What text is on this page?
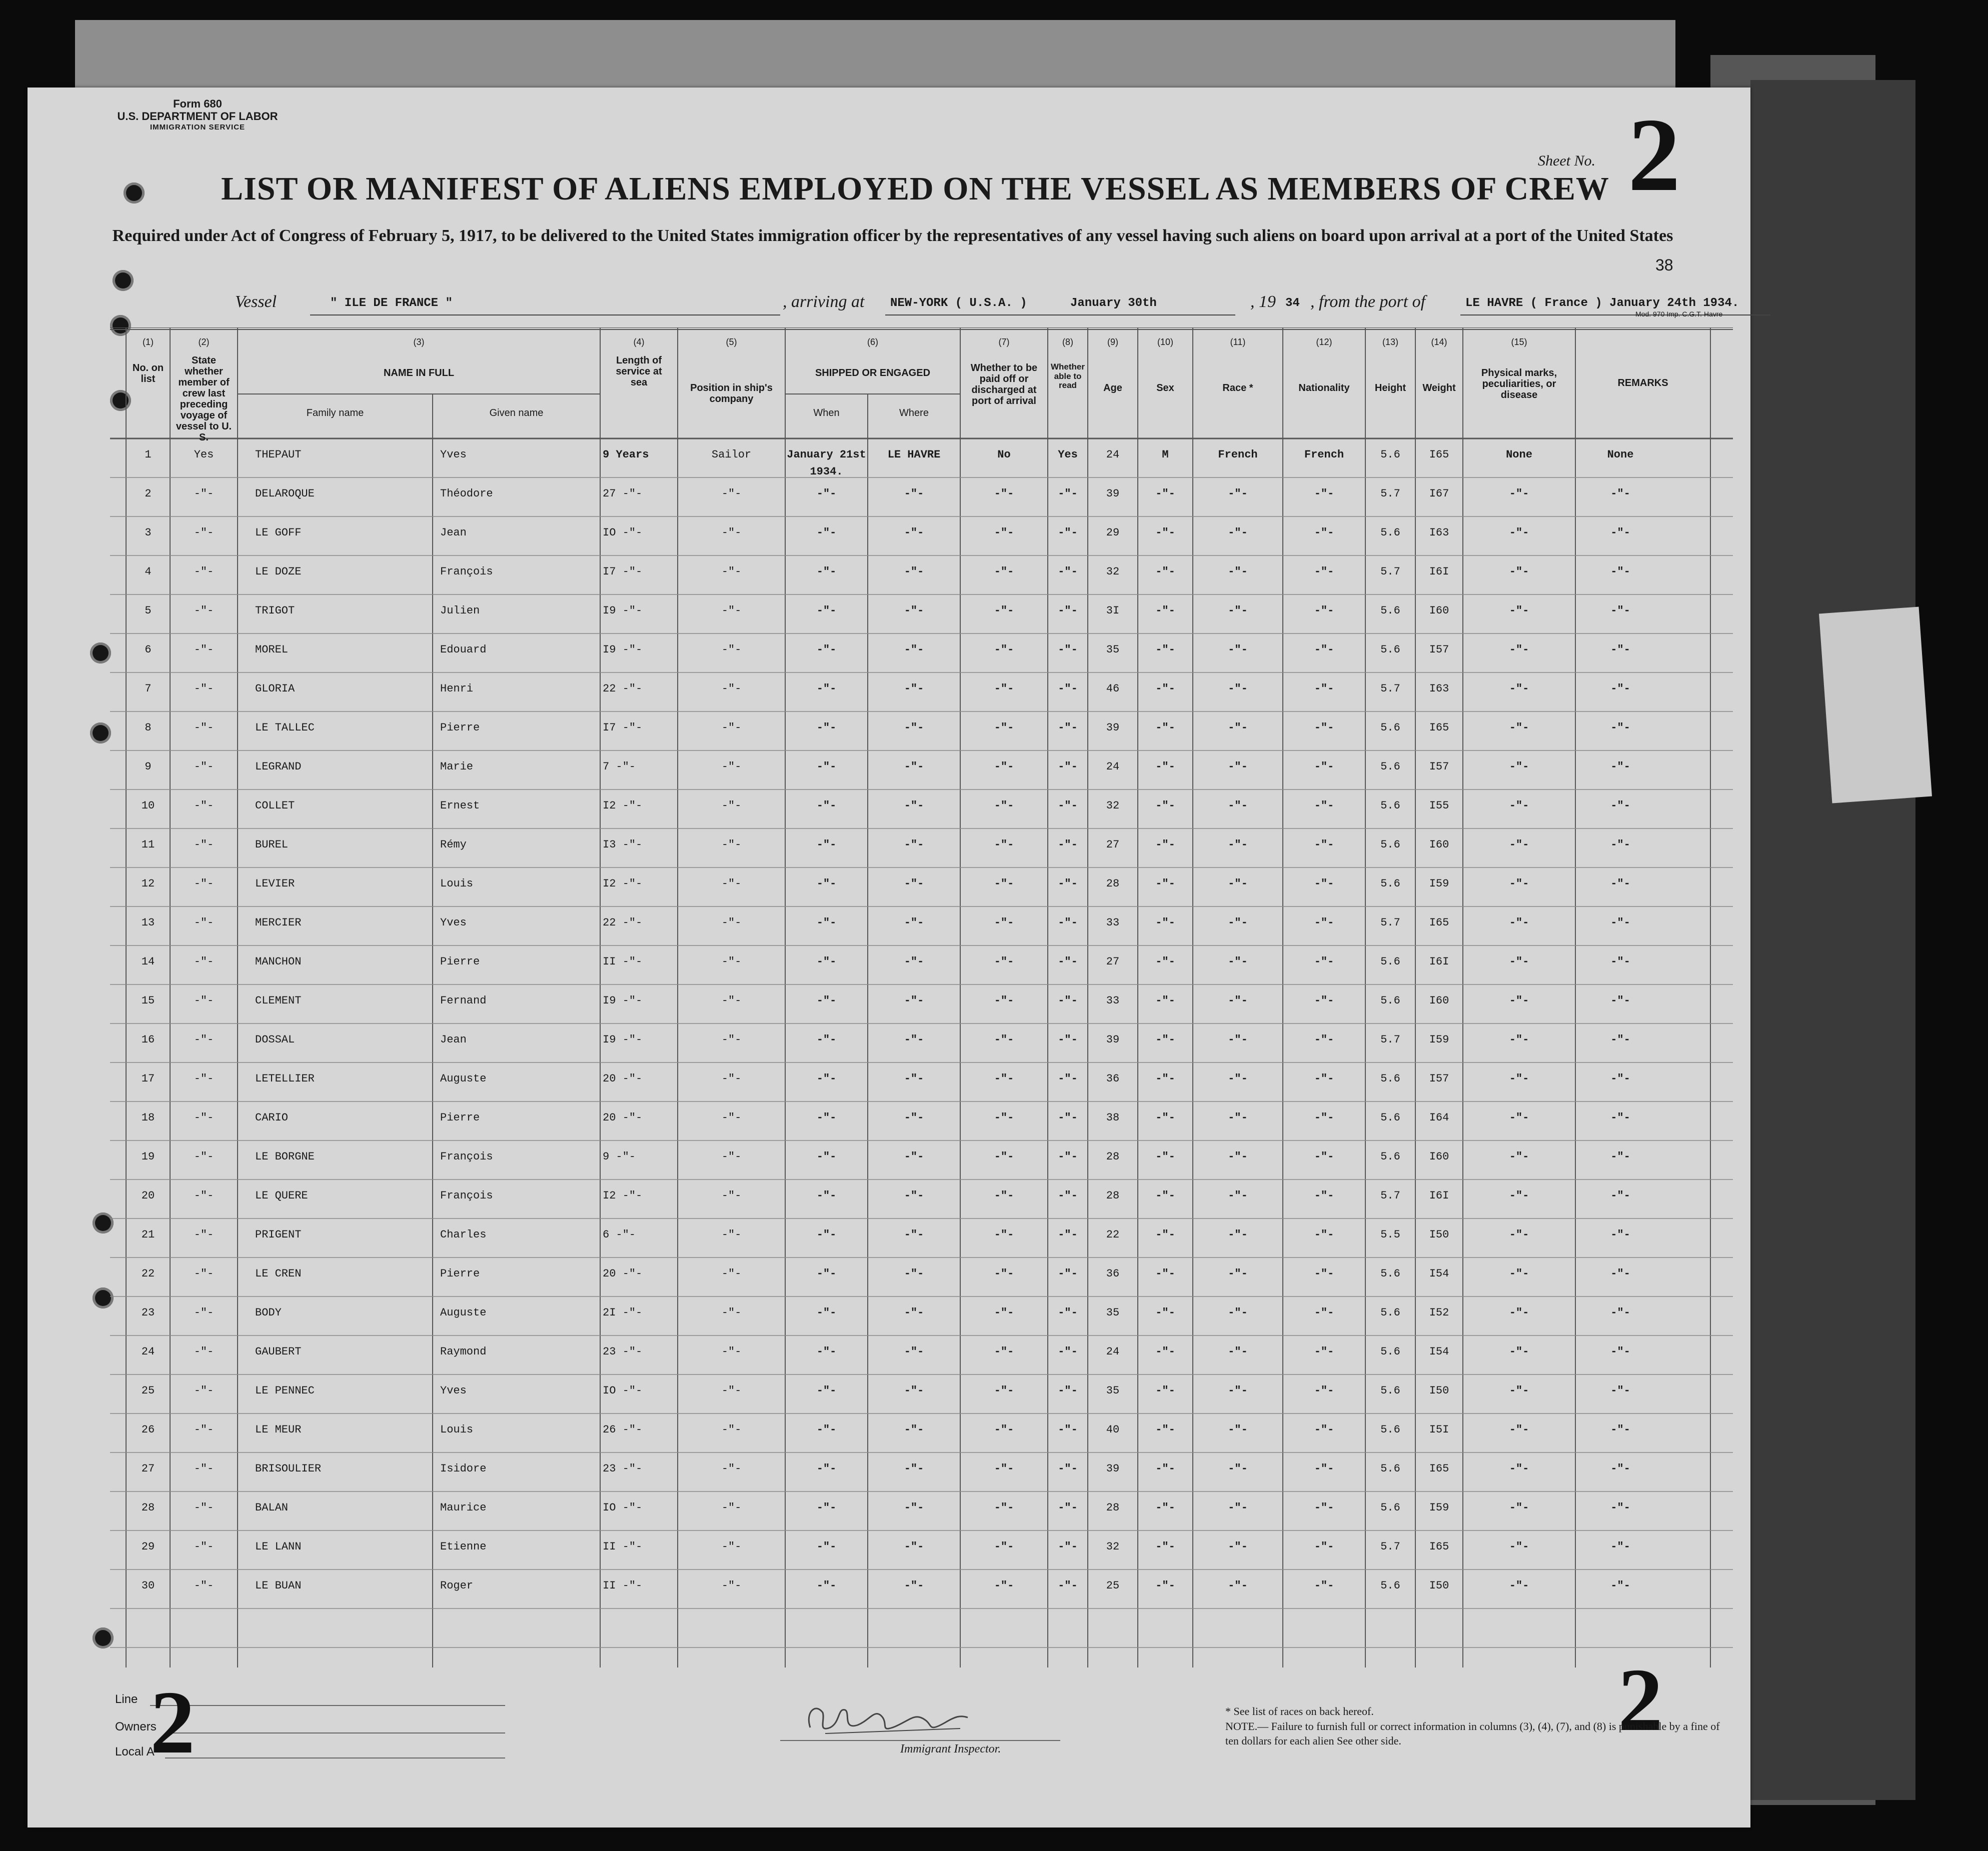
Form 680
U.S. DEPARTMENT OF LABOR
IMMIGRATION SERVICE
Sheet No. 2
LIST OR MANIFEST OF ALIENS EMPLOYED ON THE VESSEL AS MEMBERS OF CREW
Required under Act of Congress of February 5, 1917, to be delivered to the United States immigration officer by the representatives of any vessel having such aliens on board upon arrival at a port of the United States
38
Vessel	" ILE DE FRANCE "	, arriving at NEW-YORK ( U.S.A. )	January 30th	, 19 34 , from the port of	LE HAVRE ( France ) January 24th 1934.
Mod. 970 Imp. C.G.T. Havre
(1)
No. on list
(2)
State whether member of crew last preceding voyage of vessel to U. S.
(3)
NAME IN FULL
Family name	Given name
(4)
Length of service at sea
(5)
Position in ship's company
(6)
SHIPPED OR ENGAGED
When	Where
(7)
Whether to be paid off or discharged at port of arrival
(8)
Whether able to read
(9)
Age
(10)
Sex
(11)
Race *
(12)
Nationality
(13)
Height
(14)
Weight
(15)
Physical marks, peculiarities, or disease
REMARKS
1	Yes	THEPAUT	Yves	9 Years	Sailor	January 21st
1934.
LE HAVRE	No	Yes	24	M	French	French	5.6	I65	None	None
2	-"-	DELAROQUE	Théodore	27 -"-	-"-	-"-	-"-	-"-	-"-	39	-"-	-"-	-"-	5.7	I67	-"-	-"-
3	-"-	LE GOFF	Jean	IO -"-	-"-	-"-	-"-	-"-	-"-	29	-"-	-"-	-"-	5.6	I63	-"-	-"-
4	-"-	LE DOZE	François	I7 -"-	-"-	-"-	-"-	-"-	-"-	32	-"-	-"-	-"-	5.7	I6I	-"-	-"-
5	-"-	TRIGOT	Julien	I9 -"-	-"-	-"-	-"-	-"-	-"-	3I	-"-	-"-	-"-	5.6	I60	-"-	-"-
6	-"-	MOREL	Edouard	I9 -"-	-"-	-"-	-"-	-"-	-"-	35	-"-	-"-	-"-	5.6	I57	-"-	-"-
7	-"-	GLORIA	Henri	22 -"-	-"-	-"-	-"-	-"-	-"-	46	-"-	-"-	-"-	5.7	I63	-"-	-"-
8	-"-	LE TALLEC	Pierre	I7 -"-	-"-	-"-	-"-	-"-	-"-	39	-"-	-"-	-"-	5.6	I65	-"-	-"-
9	-"-	LEGRAND	Marie	7 -"-	-"-	-"-	-"-	-"-	-"-	24	-"-	-"-	-"-	5.6	I57	-"-	-"-
10	-"-	COLLET	Ernest	I2 -"-	-"-	-"-	-"-	-"-	-"-	32	-"-	-"-	-"-	5.6	I55	-"-	-"-
11	-"-	BUREL	Rémy	I3 -"-	-"-	-"-	-"-	-"-	-"-	27	-"-	-"-	-"-	5.6	I60	-"-	-"-
12	-"-	LEVIER	Louis	I2 -"-	-"-	-"-	-"-	-"-	-"-	28	-"-	-"-	-"-	5.6	I59	-"-	-"-
13	-"-	MERCIER	Yves	22 -"-	-"-	-"-	-"-	-"-	-"-	33	-"-	-"-	-"-	5.7	I65	-"-	-"-
14	-"-	MANCHON	Pierre	II -"-	-"-	-"-	-"-	-"-	-"-	27	-"-	-"-	-"-	5.6	I6I	-"-	-"-
15	-"-	CLEMENT	Fernand	I9 -"-	-"-	-"-	-"-	-"-	-"-	33	-"-	-"-	-"-	5.6	I60	-"-	-"-
16	-"-	DOSSAL	Jean	I9 -"-	-"-	-"-	-"-	-"-	-"-	39	-"-	-"-	-"-	5.7	I59	-"-	-"-
17	-"-	LETELLIER	Auguste	20 -"-	-"-	-"-	-"-	-"-	-"-	36	-"-	-"-	-"-	5.6	I57	-"-	-"-
18	-"-	CARIO	Pierre	20 -"-	-"-	-"-	-"-	-"-	-"-	38	-"-	-"-	-"-	5.6	I64	-"-	-"-
19	-"-	LE BORGNE	François	9 -"-	-"-	-"-	-"-	-"-	-"-	28	-"-	-"-	-"-	5.6	I60	-"-	-"-
20	-"-	LE QUERE	François	I2 -"-	-"-	-"-	-"-	-"-	-"-	28	-"-	-"-	-"-	5.7	I6I	-"-	-"-
21	-"-	PRIGENT	Charles	6 -"-	-"-	-"-	-"-	-"-	-"-	22	-"-	-"-	-"-	5.5	I50	-"-	-"-
22	-"-	LE CREN	Pierre	20 -"-	-"-	-"-	-"-	-"-	-"-	36	-"-	-"-	-"-	5.6	I54	-"-	-"-
23	-"-	BODY	Auguste	2I -"-	-"-	-"-	-"-	-"-	-"-	35	-"-	-"-	-"-	5.6	I52	-"-	-"-
24	-"-	GAUBERT	Raymond	23 -"-	-"-	-"-	-"-	-"-	-"-	24	-"-	-"-	-"-	5.6	I54	-"-	-"-
25	-"-	LE PENNEC	Yves	IO -"-	-"-	-"-	-"-	-"-	-"-	35	-"-	-"-	-"-	5.6	I50	-"-	-"-
26	-"-	LE MEUR	Louis	26 -"-	-"-	-"-	-"-	-"-	-"-	40	-"-	-"-	-"-	5.6	I5I	-"-	-"-
27	-"-	BRISOULIER	Isidore	23 -"-	-"-	-"-	-"-	-"-	-"-	39	-"-	-"-	-"-	5.6	I65	-"-	-"-
28	-"-	BALAN	Maurice	IO -"-	-"-	-"-	-"-	-"-	-"-	28	-"-	-"-	-"-	5.6	I59	-"-	-"-
29	-"-	LE LANN	Etienne	II -"-	-"-	-"-	-"-	-"-	-"-	32	-"-	-"-	-"-	5.7	I65	-"-	-"-
30	-"-	LE BUAN	Roger	II -"-	-"-	-"-	-"-	-"-	-"-	25	-"-	-"-	-"-	5.6	I50	-"-	-"-
Line
Owners
Local A
2	2
Immigrant Inspector.
* See list of races on back hereof.
NOTE.— Failure to furnish full or correct information in columns (3), (4), (7), and (8) is punishable by a fine of ten dollars for each alien See other side.
